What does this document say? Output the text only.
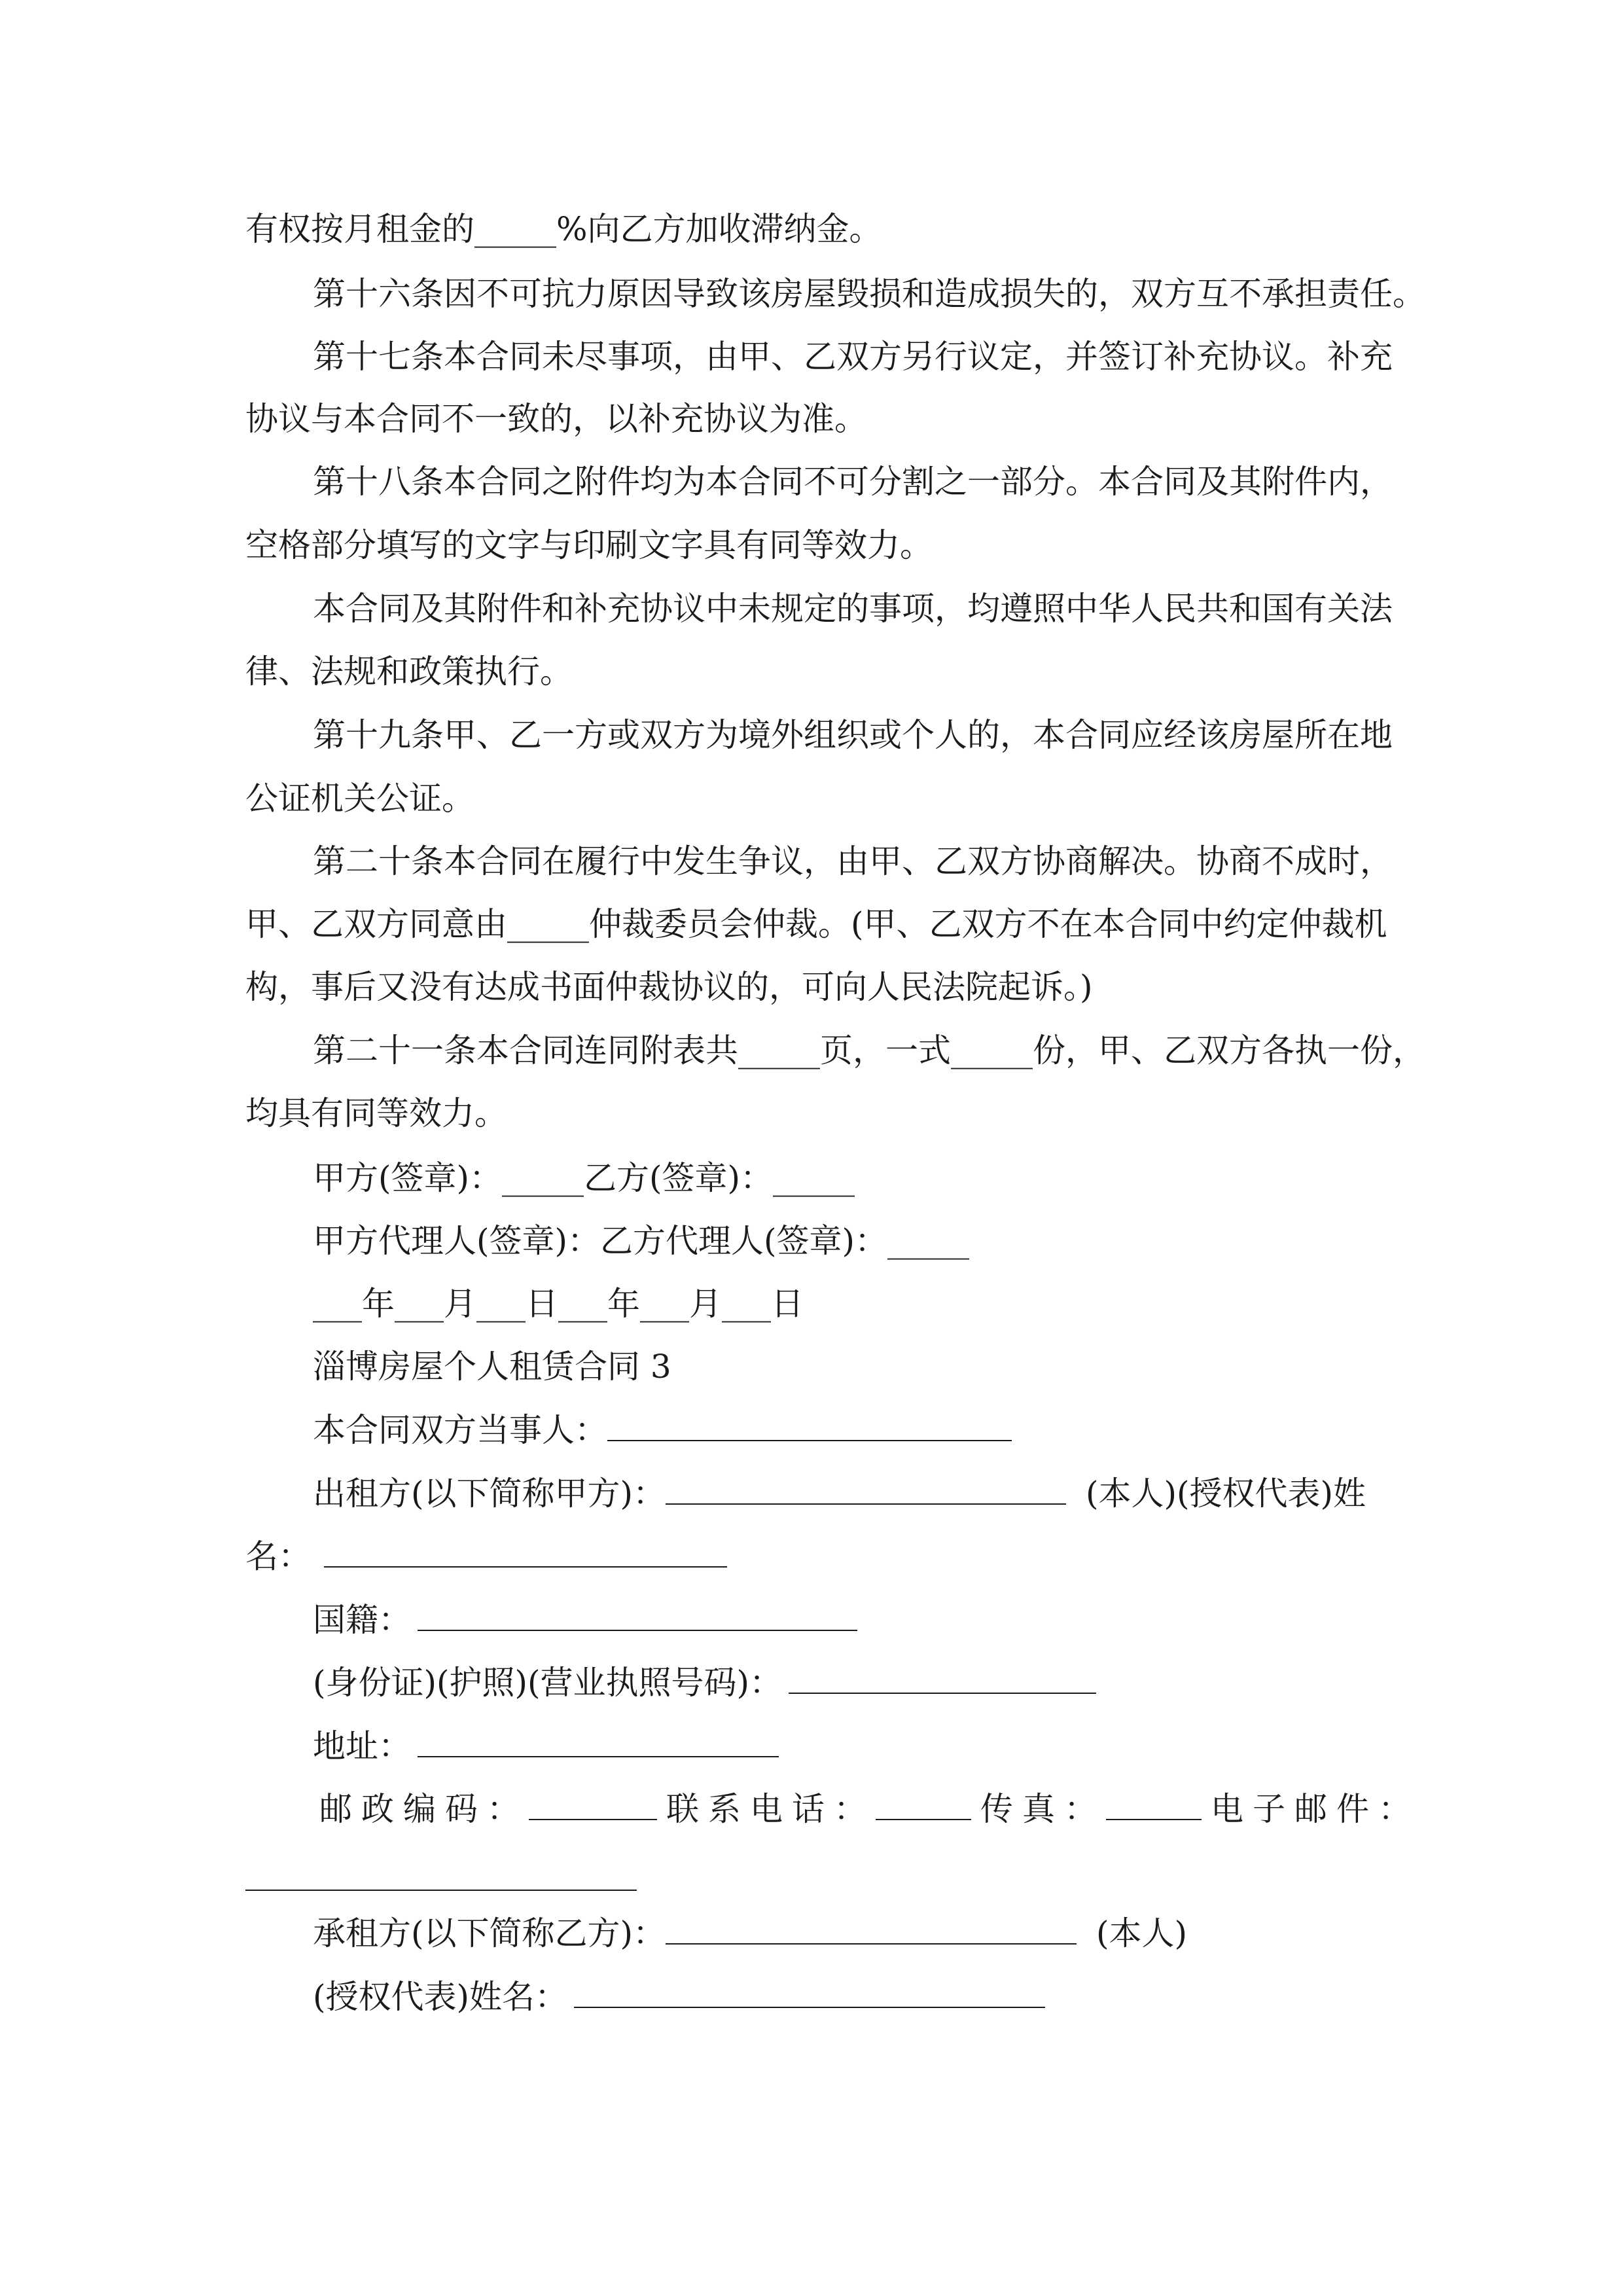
有权按月租金的_____%向乙方加收滞纳金。
第十六条因不可抗力原因导致该房屋毁损和造成损失的，双方互不承担责任。
第十七条本合同未尽事项，由甲、乙双方另行议定，并签订补充协议。补充
协议与本合同不一致的，以补充协议为准。
第十八条本合同之附件均为本合同不可分割之一部分。本合同及其附件内，
空格部分填写的文字与印刷文字具有同等效力。
本合同及其附件和补充协议中未规定的事项，均遵照中华人民共和国有关法
律、法规和政策执行。
第十九条甲、乙一方或双方为境外组织或个人的，本合同应经该房屋所在地
公证机关公证。
第二十条本合同在履行中发生争议，由甲、乙双方协商解决。协商不成时，
甲、乙双方同意由_____仲裁委员会仲裁。(甲、乙双方不在本合同中约定仲裁机
构，事后又没有达成书面仲裁协议的，可向人民法院起诉。)
第二十一条本合同连同附表共_____页，一式_____份，甲、乙双方各执一份，
均具有同等效力。
甲方(签章)：_____乙方(签章)：_____
甲方代理人(签章)：乙方代理人(签章)：_____
___年___月___日___年___月___日
淄博房屋个人租赁合同 3
本合同双方当事人：
出租方(以下简称甲方)：	(本人)(授权代表)姓
名：
国籍：
(身份证)(护照)(营业执照号码)：
地址：
邮政编码：	联系电话：	传真：	电子邮件：
承租方(以下简称乙方)：	(本人)
(授权代表)姓名：
